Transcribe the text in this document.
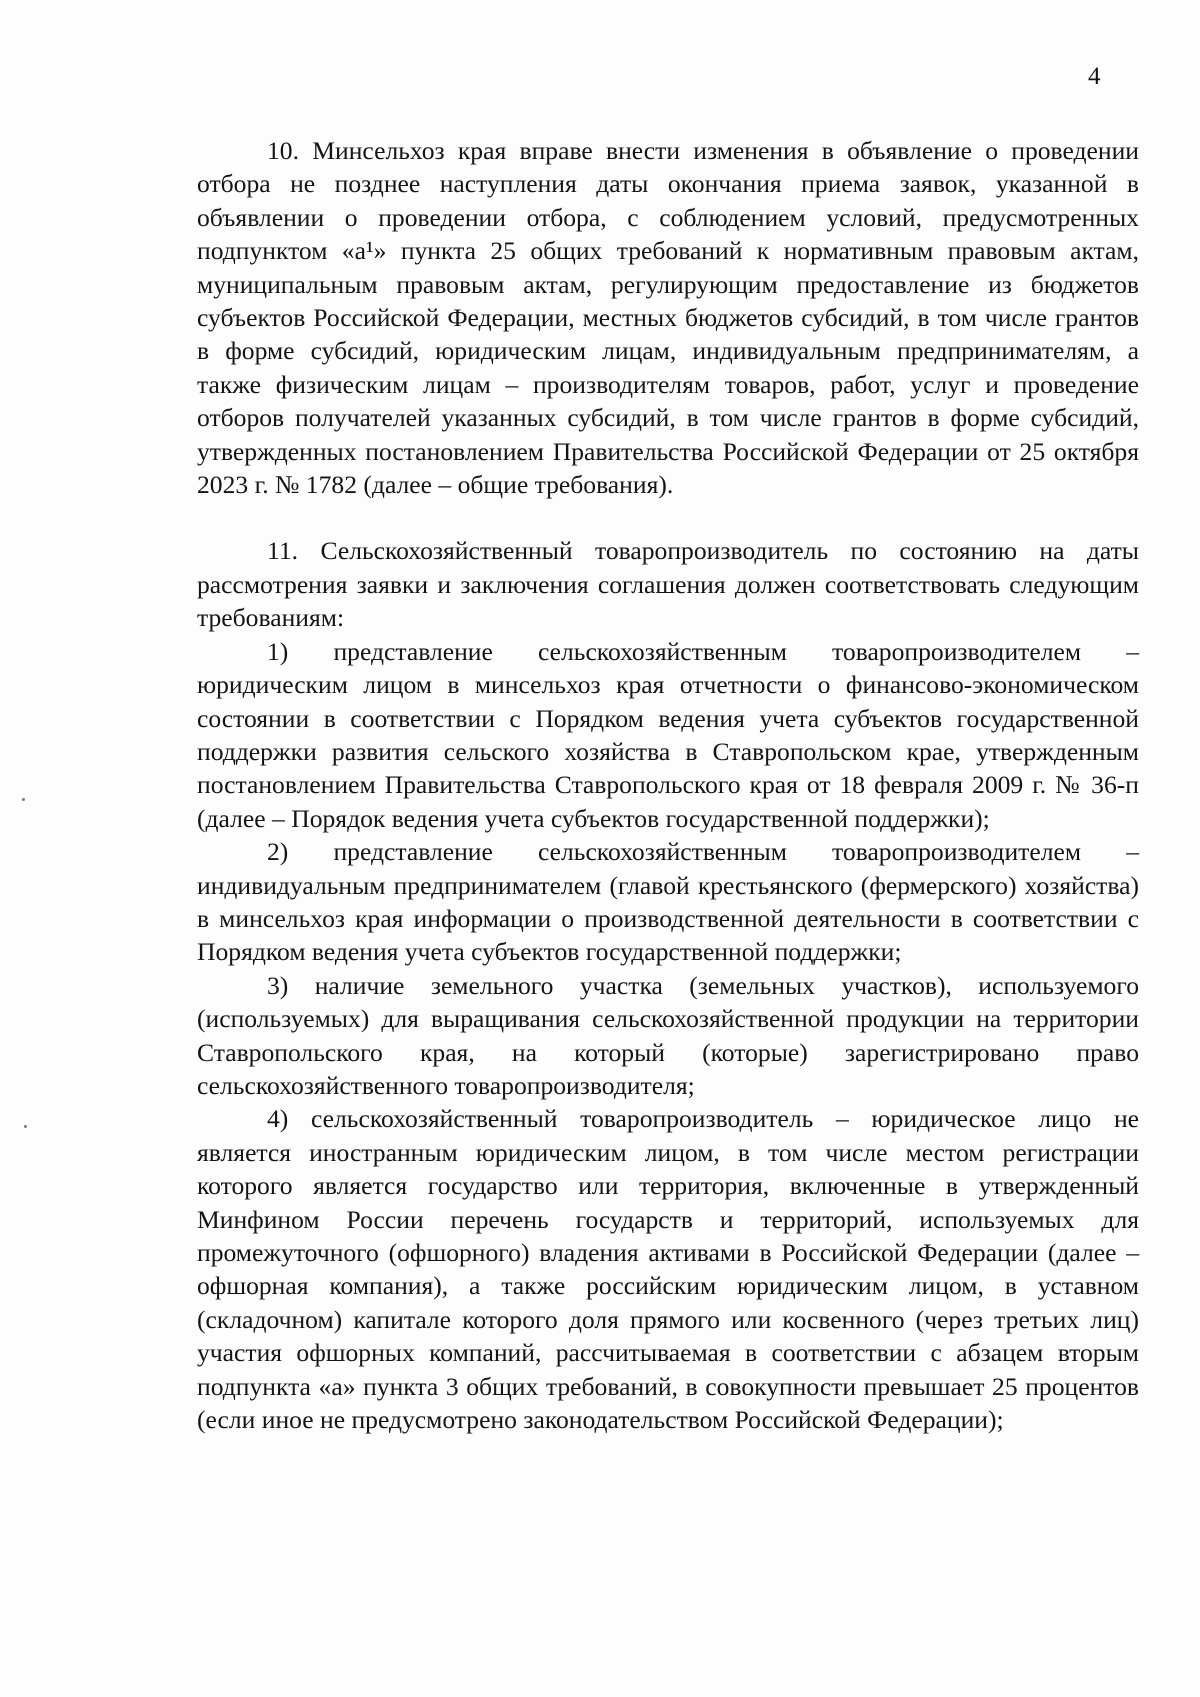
4

10. Минсельхоз края вправе внести изменения в объявление о проведении отбора не позднее наступления даты окончания приема заявок, указанной в объявлении о проведении отбора, с соблюдением условий, предусмотренных подпунктом «а¹» пункта 25 общих требований к нормативным правовым актам, муниципальным правовым актам, регулирующим предоставление из бюджетов субъектов Российской Федерации, местных бюджетов субсидий, в том числе грантов в форме субсидий, юридическим лицам, индивидуальным предпринимателям, а также физическим лицам – производителям товаров, работ, услуг и проведение отборов получателей указанных субсидий, в том числе грантов в форме субсидий, утвержденных постановлением Правительства Российской Федерации от 25 октября 2023 г. № 1782 (далее – общие требования).

11. Сельскохозяйственный товаропроизводитель по состоянию на даты рассмотрения заявки и заключения соглашения должен соответствовать следующим требованиям:

1) представление сельскохозяйственным товаропроизводителем – юридическим лицом в минсельхоз края отчетности о финансово-экономическом состоянии в соответствии с Порядком ведения учета субъектов государственной поддержки развития сельского хозяйства в Ставропольском крае, утвержденным постановлением Правительства Ставропольского края от 18 февраля 2009 г. № 36-п (далее – Порядок ведения учета субъектов государственной поддержки);

2) представление сельскохозяйственным товаропроизводителем – индивидуальным предпринимателем (главой крестьянского (фермерского) хозяйства) в минсельхоз края информации о производственной деятельности в соответствии с Порядком ведения учета субъектов государственной поддержки;

3) наличие земельного участка (земельных участков), используемого (используемых) для выращивания сельскохозяйственной продукции на территории Ставропольского края, на который (которые) зарегистрировано право сельскохозяйственного товаропроизводителя;

4) сельскохозяйственный товаропроизводитель – юридическое лицо не является иностранным юридическим лицом, в том числе местом регистрации которого является государство или территория, включенные в утвержденный Минфином России перечень государств и территорий, используемых для промежуточного (офшорного) владения активами в Российской Федерации (далее – офшорная компания), а также российским юридическим лицом, в уставном (складочном) капитале которого доля прямого или косвенного (через третьих лиц) участия офшорных компаний, рассчитываемая в соответствии с абзацем вторым подпункта «а» пункта 3 общих требований, в совокупности превышает 25 процентов (если иное не предусмотрено законодательством Российской Федерации);
